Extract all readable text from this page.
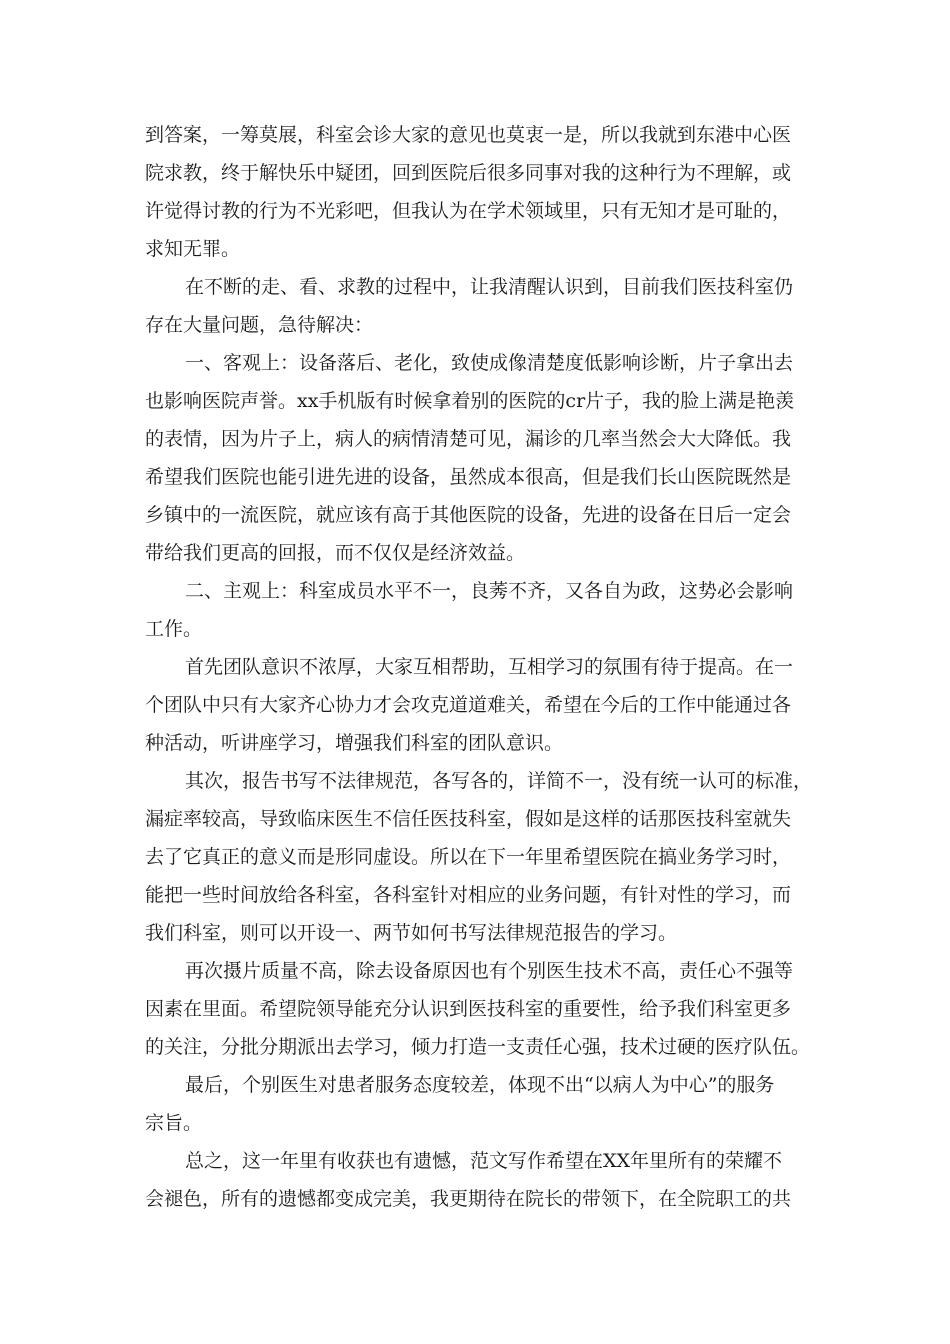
到答案，一筹莫展，科室会诊大家的意见也莫衷一是，所以我就到东港中心医
院求教，终于解快乐中疑团，回到医院后很多同事对我的这种行为不理解，或
许觉得讨教的行为不光彩吧，但我认为在学术领域里，只有无知才是可耻的，
求知无罪。
在不断的走、看、求教的过程中，让我清醒认识到，目前我们医技科室仍
存在大量问题，急待解决：
一、客观上：设备落后、老化，致使成像清楚度低影响诊断，片子拿出去
也影响医院声誉。xx手机版有时候拿着别的医院的cr片子，我的脸上满是艳羡
的表情，因为片子上，病人的病情清楚可见，漏诊的几率当然会大大降低。我
希望我们医院也能引进先进的设备，虽然成本很高，但是我们长山医院既然是
乡镇中的一流医院，就应该有高于其他医院的设备，先进的设备在日后一定会
带给我们更高的回报，而不仅仅是经济效益。
二、主观上：科室成员水平不一，良莠不齐，又各自为政，这势必会影响
工作。
首先团队意识不浓厚，大家互相帮助，互相学习的氛围有待于提高。在一
个团队中只有大家齐心协力才会攻克道道难关，希望在今后的工作中能通过各
种活动，听讲座学习，增强我们科室的团队意识。
其次，报告书写不法律规范，各写各的，详简不一，没有统一认可的标准，
漏症率较高，导致临床医生不信任医技科室，假如是这样的话那医技科室就失
去了它真正的意义而是形同虚设。所以在下一年里希望医院在搞业务学习时，
能把一些时间放给各科室，各科室针对相应的业务问题，有针对性的学习，而
我们科室，则可以开设一、两节如何书写法律规范报告的学习。
再次摄片质量不高，除去设备原因也有个别医生技术不高，责任心不强等
因素在里面。希望院领导能充分认识到医技科室的重要性，给予我们科室更多
的关注，分批分期派出去学习，倾力打造一支责任心强，技术过硬的医疗队伍。
最后，个别医生对患者服务态度较差，体现不出“以病人为中心”的服务
宗旨。
总之，这一年里有收获也有遗憾，范文写作希望在XX年里所有的荣耀不
会褪色，所有的遗憾都变成完美，我更期待在院长的带领下，在全院职工的共
